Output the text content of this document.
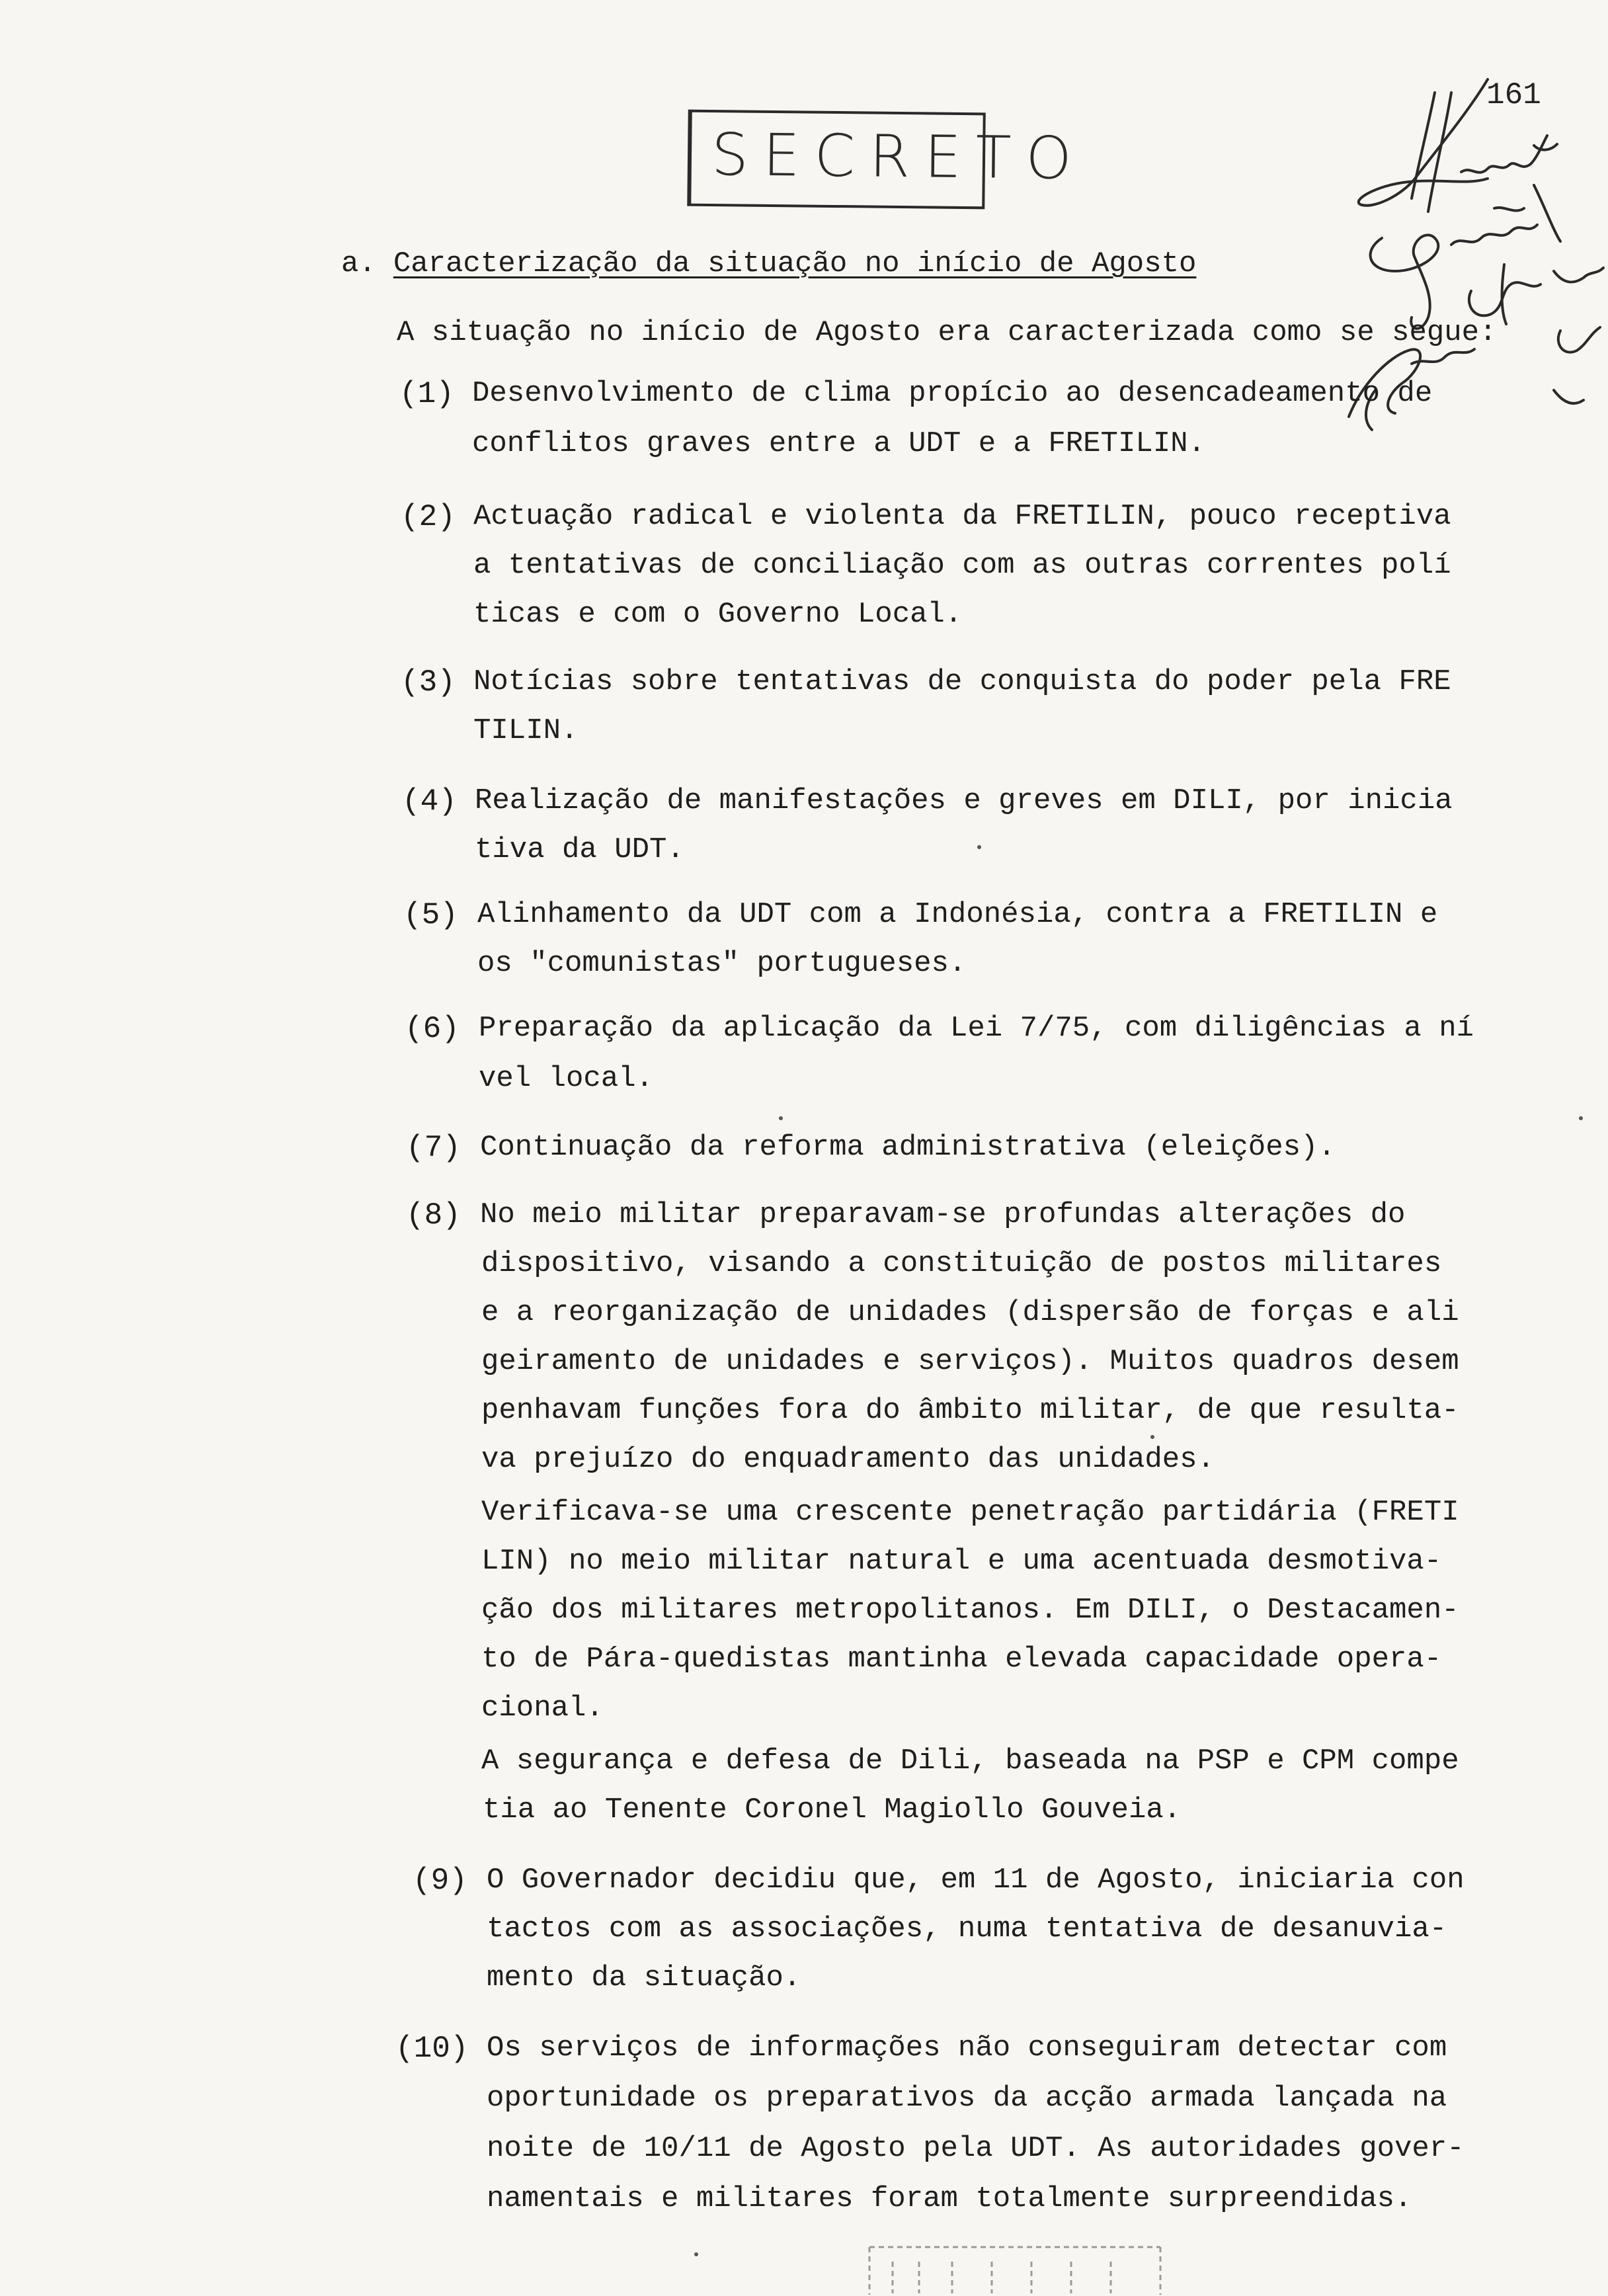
161
SECRETO
a. Caracterização da situação no início de Agosto
A situação no início de Agosto era caracterizada como se segue:
(1) Desenvolvimento de clima propício ao desencadeamento de
conflitos graves entre a UDT e a FRETILIN.
(2) Actuação radical e violenta da FRETILIN, pouco receptiva
a tentativas de conciliação com as outras correntes polí
ticas e com o Governo Local.
(3) Notícias sobre tentativas de conquista do poder pela FRE
TILIN.
(4) Realização de manifestações e greves em DILI, por inicia
tiva da UDT.
(5) Alinhamento da UDT com a Indonésia, contra a FRETILIN e
os "comunistas" portugueses.
(6) Preparação da aplicação da Lei 7/75, com diligências a ní
vel local.
(7) Continuação da reforma administrativa (eleições).
(8) No meio militar preparavam-se profundas alterações do
dispositivo, visando a constituição de postos militares
e a reorganização de unidades (dispersão de forças e ali
geiramento de unidades e serviços). Muitos quadros desem
penhavam funções fora do âmbito militar, de que resulta-
va prejuízo do enquadramento das unidades.
Verificava-se uma crescente penetração partidária (FRETI
LIN) no meio militar natural e uma acentuada desmotiva-
ção dos militares metropolitanos. Em DILI, o Destacamen-
to de Pára-quedistas mantinha elevada capacidade opera-
cional.
A segurança e defesa de Dili, baseada na PSP e CPM compe
tia ao Tenente Coronel Magiollo Gouveia.
(9) O Governador decidiu que, em 11 de Agosto, iniciaria con
tactos com as associações, numa tentativa de desanuvia-
mento da situação.
(10) Os serviços de informações não conseguiram detectar com
oportunidade os preparativos da acção armada lançada na
noite de 10/11 de Agosto pela UDT. As autoridades gover-
namentais e militares foram totalmente surpreendidas.
